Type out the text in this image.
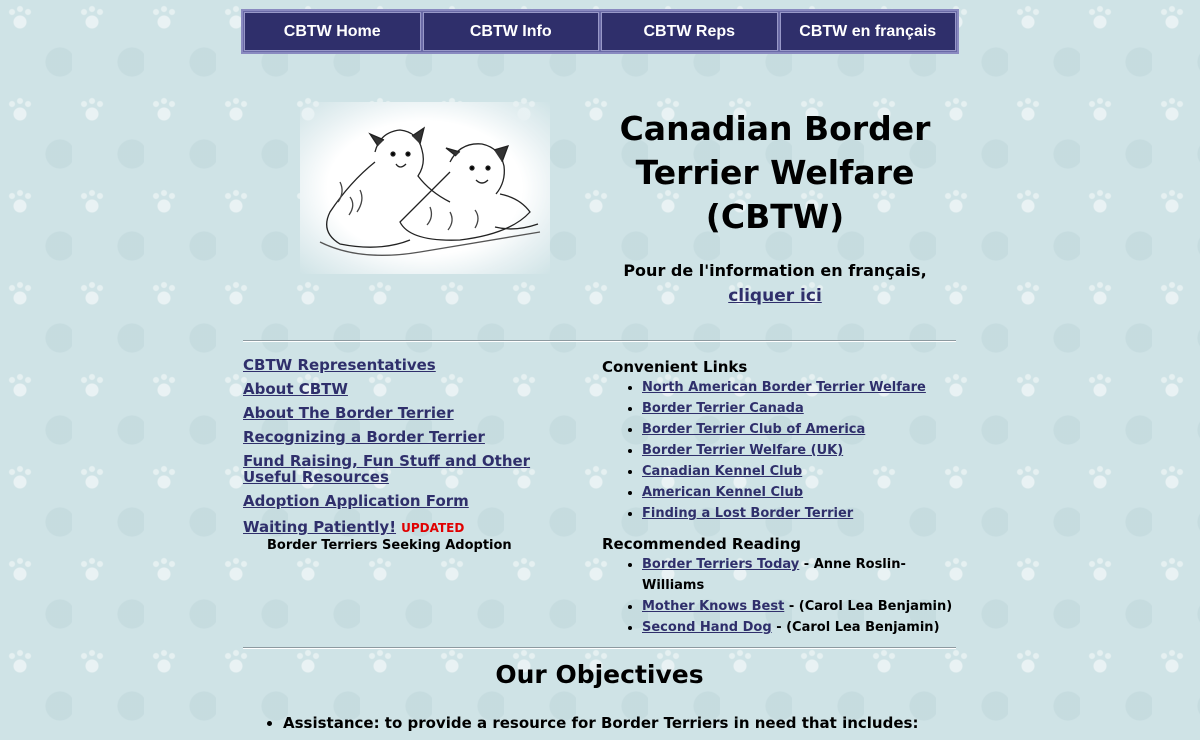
CBTW Home	CBTW Info	CBTW Reps	CBTW en français
Canadian Border Terrier Welfare (CBTW)
Pour de l'information en français,
cliquer ici
CBTW Representatives
About CBTW
About The Border Terrier
Recognizing a Border Terrier
Fund Raising, Fun Stuff and Other Useful Resources
Adoption Application Form
Waiting Patiently! UPDATED
Border Terriers Seeking Adoption
Convenient Links
• North American Border Terrier Welfare
• Border Terrier Canada
• Border Terrier Club of America
• Border Terrier Welfare (UK)
• Canadian Kennel Club
• American Kennel Club
• Finding a Lost Border Terrier
Recommended Reading
• Border Terriers Today - Anne Roslin-Williams
• Mother Knows Best - (Carol Lea Benjamin)
• Second Hand Dog - (Carol Lea Benjamin)
Our Objectives
• Assistance: to provide a resource for Border Terriers in need that includes:
